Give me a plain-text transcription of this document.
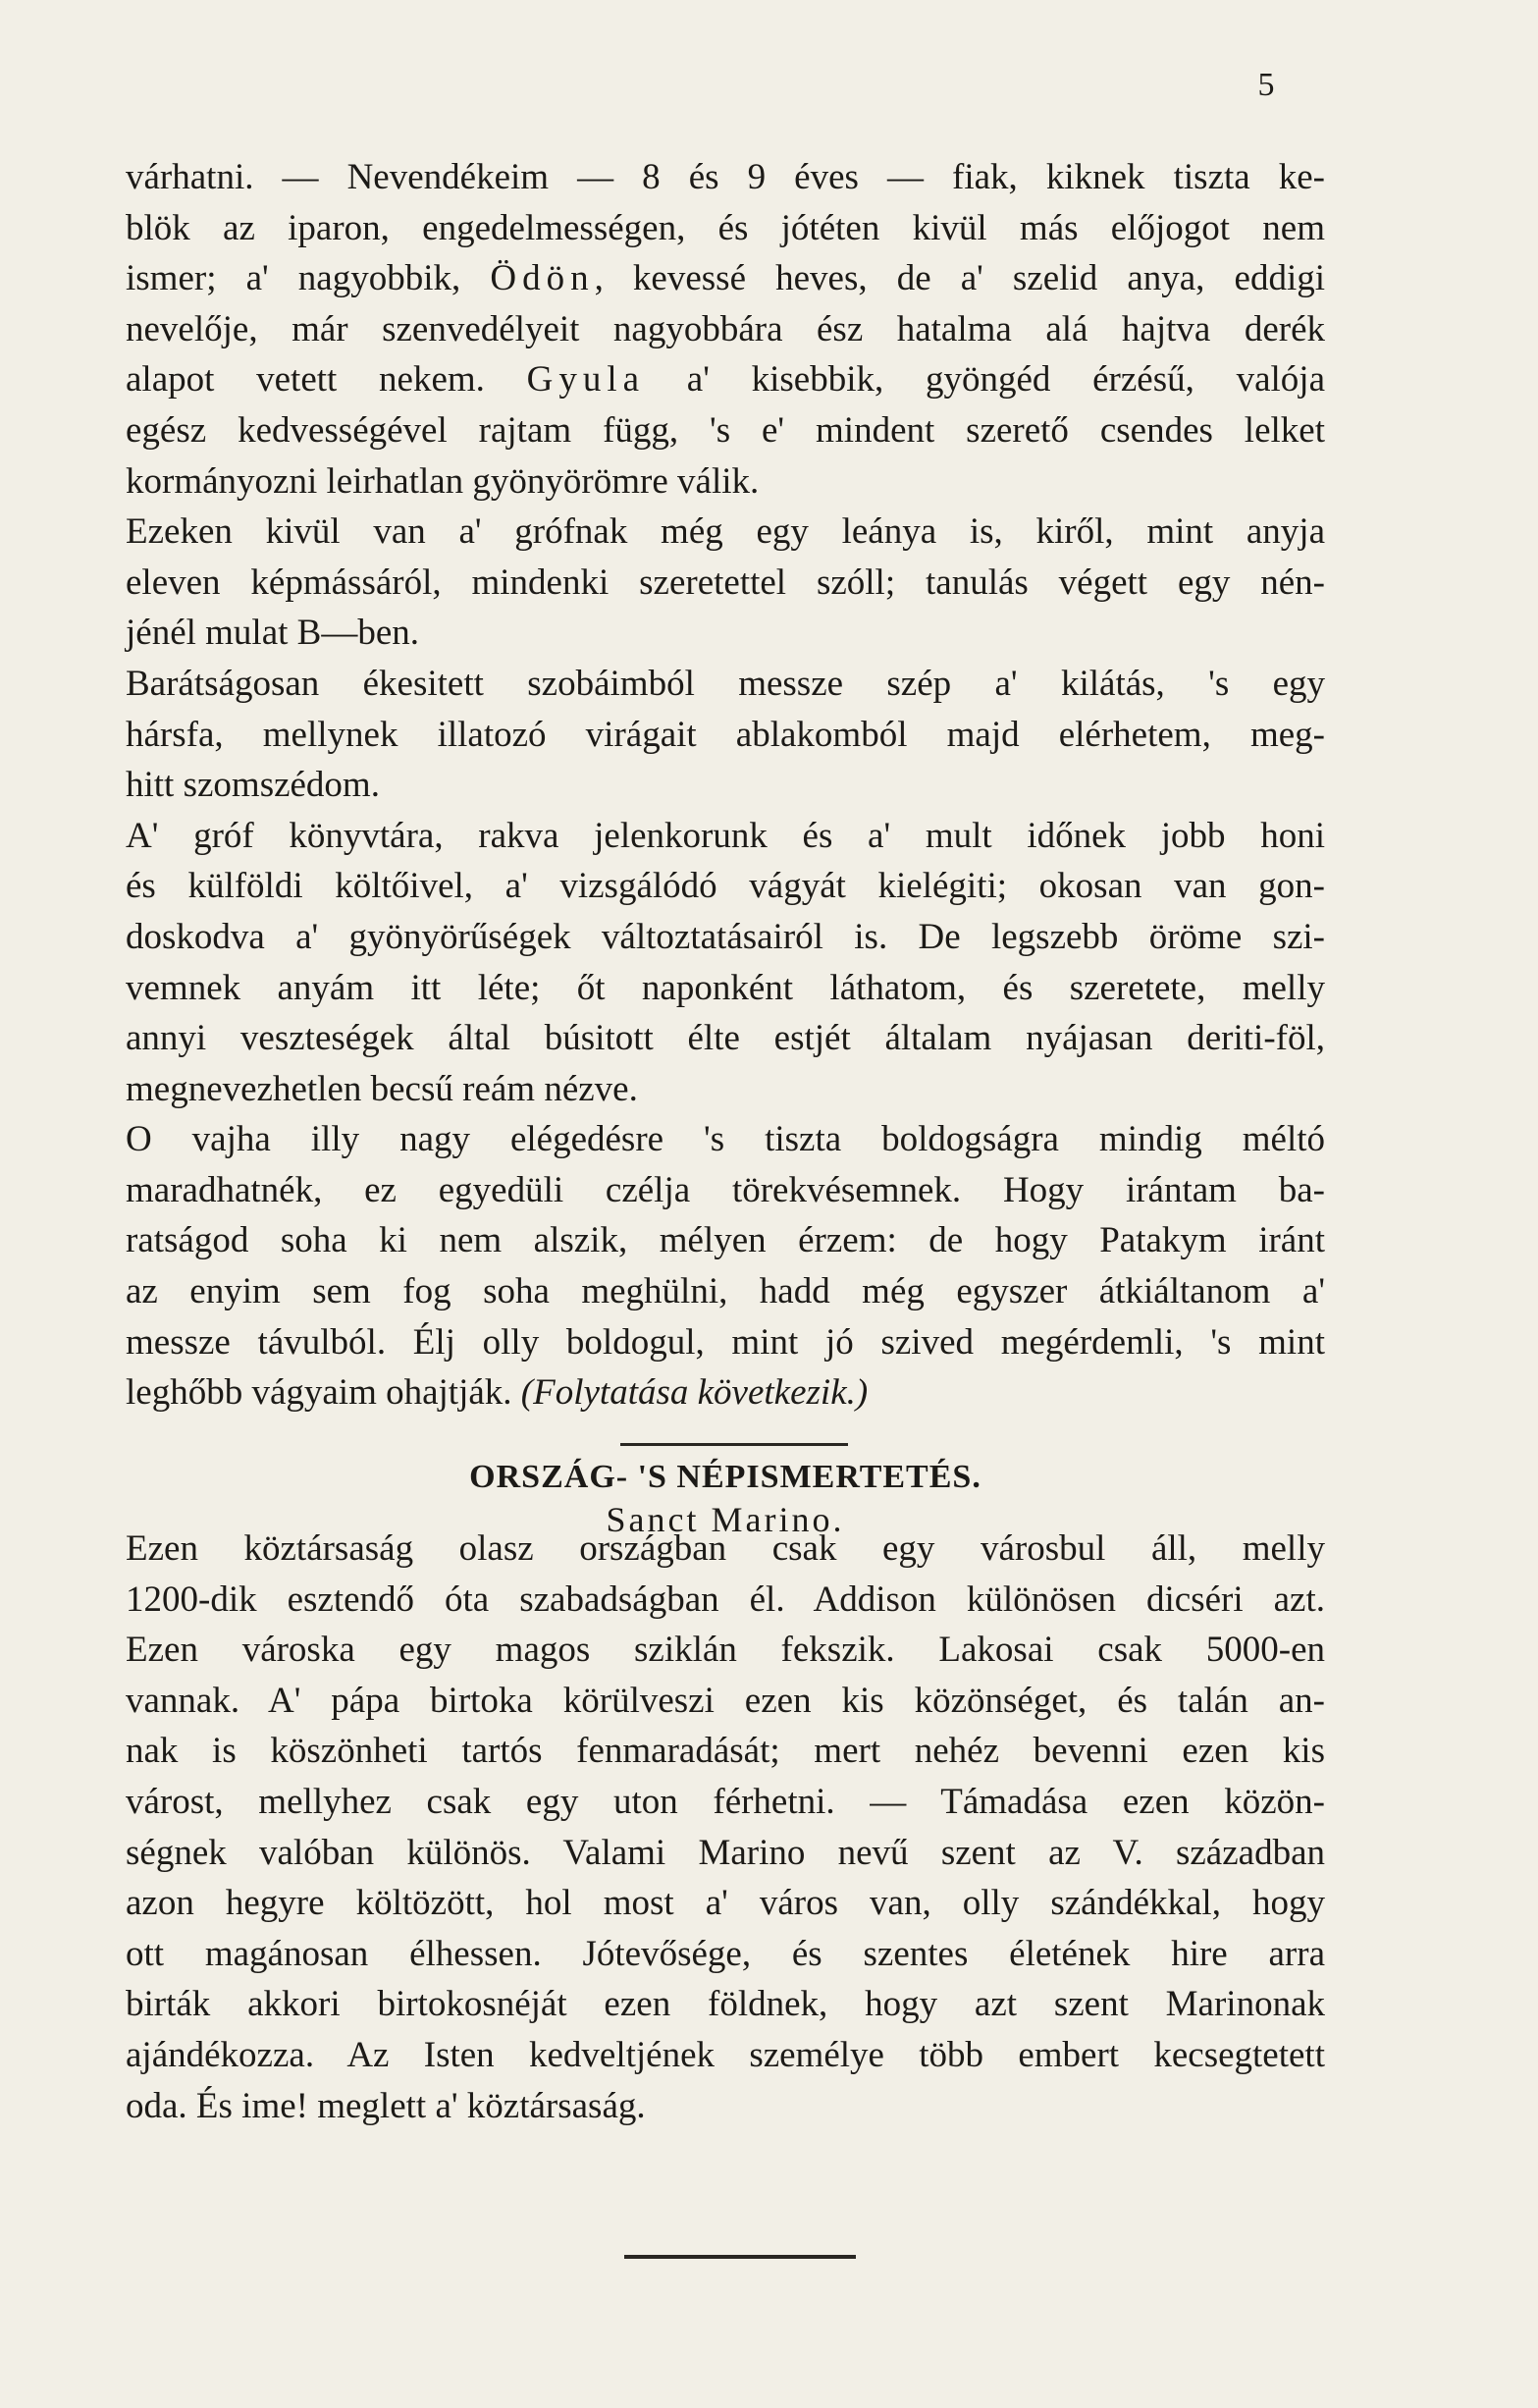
5
várhatni. — Nevendékeim — 8 és 9 éves — fiak, kiknek tiszta ke-
blök az iparon, engedelmességen, és jótéten kivül más előjogot nem
ismer; a' nagyobbik, Ödön, kevessé heves, de a' szelid anya, eddigi
nevelője, már szenvedélyeit nagyobbára ész hatalma alá hajtva derék
alapot vetett nekem. Gyula a' kisebbik, gyöngéd érzésű, valója
egész kedvességével rajtam függ, 's e' mindent szerető csendes lelket
kormányozni leirhatlan gyönyörömre válik.
Ezeken kivül van a' grófnak még egy leánya is, kiről, mint anyja
eleven képmássáról, mindenki szeretettel szóll; tanulás végett egy nén-
jénél mulat B—ben.
Barátságosan ékesitett szobáimból messze szép a' kilátás, 's egy
hársfa, mellynek illatozó virágait ablakomból majd elérhetem, meg-
hitt szomszédom.
A' gróf könyvtára, rakva jelenkorunk és a' mult időnek jobb honi
és külföldi költőivel, a' vizsgálódó vágyát kielégiti; okosan van gon-
doskodva a' gyönyörűségek változtatásairól is. De legszebb öröme szi-
vemnek anyám itt léte; őt naponként láthatom, és szeretete, melly
annyi veszteségek által búsitott élte estjét általam nyájasan deriti-föl,
megnevezhetlen becsű reám nézve.
O vajha illy nagy elégedésre 's tiszta boldogságra mindig méltó
maradhatnék, ez egyedüli czélja törekvésemnek. Hogy irántam ba-
ratságod soha ki nem alszik, mélyen érzem: de hogy Patakym iránt
az enyim sem fog soha meghülni, hadd még egyszer átkiáltanom a'
messze távulból. Élj olly boldogul, mint jó szived megérdemli, 's mint
leghőbb vágyaim ohajtják. (Folytatása következik.)
ORSZÁG- 'S NÉPISMERTETÉS.
Sanct Marino.
Ezen köztársaság olasz országban csak egy városbul áll, melly
1200-dik esztendő óta szabadságban él. Addison különösen dicséri azt.
Ezen városka egy magos sziklán fekszik. Lakosai csak 5000-en
vannak. A' pápa birtoka körülveszi ezen kis közönséget, és talán an-
nak is köszönheti tartós fenmaradását; mert nehéz bevenni ezen kis
várost, mellyhez csak egy uton férhetni. — Támadása ezen közön-
ségnek valóban különös. Valami Marino nevű szent az V. században
azon hegyre költözött, hol most a' város van, olly szándékkal, hogy
ott magánosan élhessen. Jótevősége, és szentes életének hire arra
birták akkori birtokosnéját ezen földnek, hogy azt szent Marinonak
ajándékozza. Az Isten kedveltjének személye több embert kecsegtetett
oda. És ime! meglett a' köztársaság.
